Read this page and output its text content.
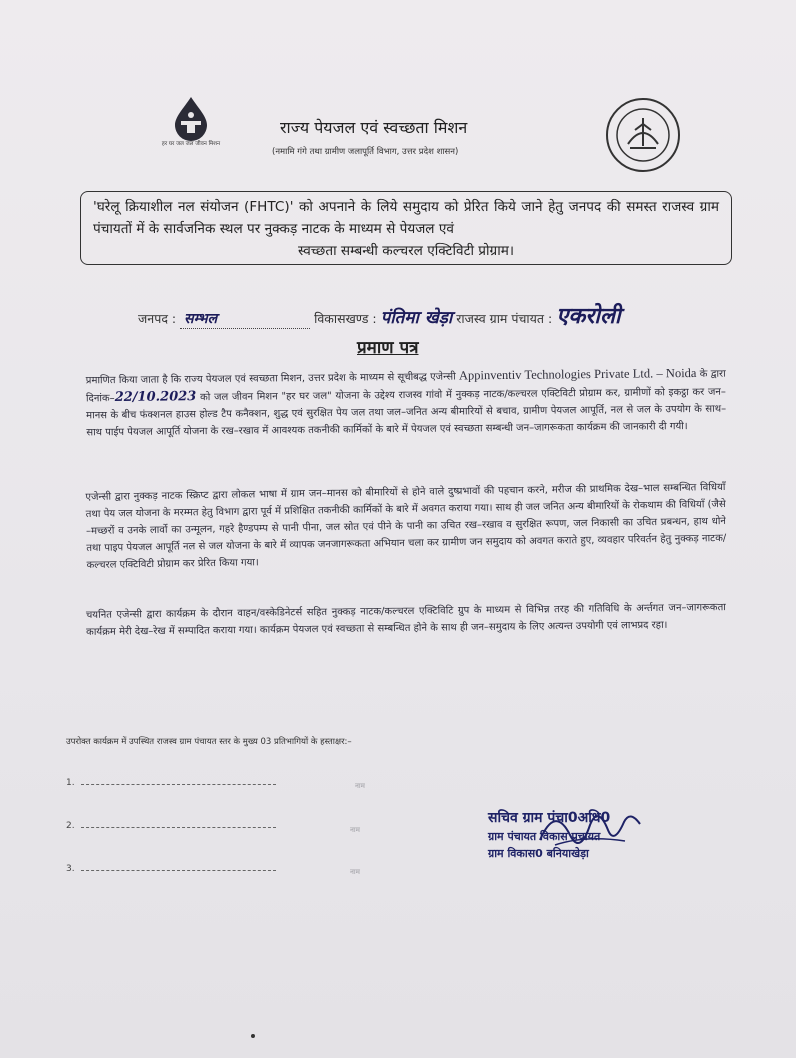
हर घर जल जल जीवन मिशन
राज्य पेयजल एवं स्वच्छता मिशन
(नमामि गंगे तथा ग्रामीण जलापूर्ति विभाग, उत्तर प्रदेश शासन)
'घरेलू क्रियाशील नल संयोजन (FHTC)' को अपनाने के लिये समुदाय को प्रेरित किये जाने हेतु जनपद की समस्त राजस्व ग्राम पंचायतों में के सार्वजनिक स्थल पर नुक्कड़ नाटक के माध्यम से पेयजल एवं
स्वच्छता सम्बन्धी कल्चरल एक्टिविटी प्रोग्राम।
जनपद : सम्भल	विकासखण्ड : पंतिमा खेड़ा राजस्व ग्राम पंचायत : एकरोली
प्रमाण पत्र
प्रमाणित किया जाता है कि राज्य पेयजल एवं स्वच्छता मिशन, उत्तर प्रदेश के माध्यम से सूचीबद्ध एजेन्सी Appinventiv Technologies Private Ltd. – Noida के द्वारा दिनांक–22/10.2023 को जल जीवन मिशन "हर घर जल" योजना के उद्देश्य राजस्व गांवो में नुक्कड़ नाटक/कल्चरल एक्टिविटी प्रोग्राम कर, ग्रामीणों को इकट्ठा कर जन–मानस के बीच फंक्शनल हाउस होल्ड टैप कनैक्शन, शुद्ध एवं सुरक्षित पेय जल तथा जल–जनित अन्य बीमारियों से बचाव, ग्रामीण पेयजल आपूर्ति, नल से जल के उपयोग के साथ–साथ पाईप पेयजल आपूर्ति योजना के रख–रखाव में आवश्यक तकनीकी कार्मिकों के बारे में पेयजल एवं स्वच्छता सम्बन्धी जन–जागरूकता कार्यक्रम की जानकारी दी गयी।
एजेन्सी द्वारा नुक्कड़ नाटक स्क्रिप्ट द्वारा लोकल भाषा में ग्राम जन–मानस को बीमारियों से होने वाले दुष्प्रभावों की पहचान करने, मरीज की प्राथमिक देख–भाल सम्बन्धित विधियाँ तथा पेय जल योजना के मरम्मत हेतु विभाग द्वारा पूर्व में प्रशिक्षित तकनीकी कार्मिकों के बारे में अवगत कराया गया। साथ ही जल जनित अन्य बीमारियों के रोकथाम की विधियाँ (जैसे –मच्छरों व उनके लार्वो का उन्मूलन, गहरे हैण्डपम्प से पानी पीना, जल स्रोत एवं पीने के पानी का उचित रख–रखाव व सुरक्षित रूपण, जल निकासी का उचित प्रबन्धन, हाथ धोने तथा पाइप पेयजल आपूर्ति नल से जल योजना के बारे में व्यापक जनजागरूकता अभियान चला कर ग्रामीण जन समुदाय को अवगत कराते हुए, व्यवहार परिवर्तन हेतु नुक्कड़ नाटक/कल्चरल एक्टिविटी प्रोग्राम कर प्रेरित किया गया।
चयनित एजेन्सी द्वारा कार्यक्रम के दौरान वाहन/वस्केडिनेटर्स सहित नुक्कड़ नाटक/कल्चरल एक्टिविटि ग्रुप के माध्यम से विभिन्न तरह की गतिविधि के अर्न्तगत जन–जागरूकता कार्यक्रम मेरी देख–रेख में सम्पादित कराया गया। कार्यक्रम पेयजल एवं स्वच्छता से सम्बन्धित होने के साथ ही जन–समुदाय के लिए अत्यन्त उपयोगी एवं लाभप्रद रहा।
उपरोक्त कार्यक्रम में उपस्थित राजस्व ग्राम पंचायत स्तर के मुख्य 03 प्रतिभागियों के हस्ताक्षर:–
1.
2.
3.
नाम
नाम
नाम
सचिव ग्राम पंचा0अधि0
ग्राम पंचायत विकास प्रचायत
ग्राम विकास0 बनियाखेड़ा
